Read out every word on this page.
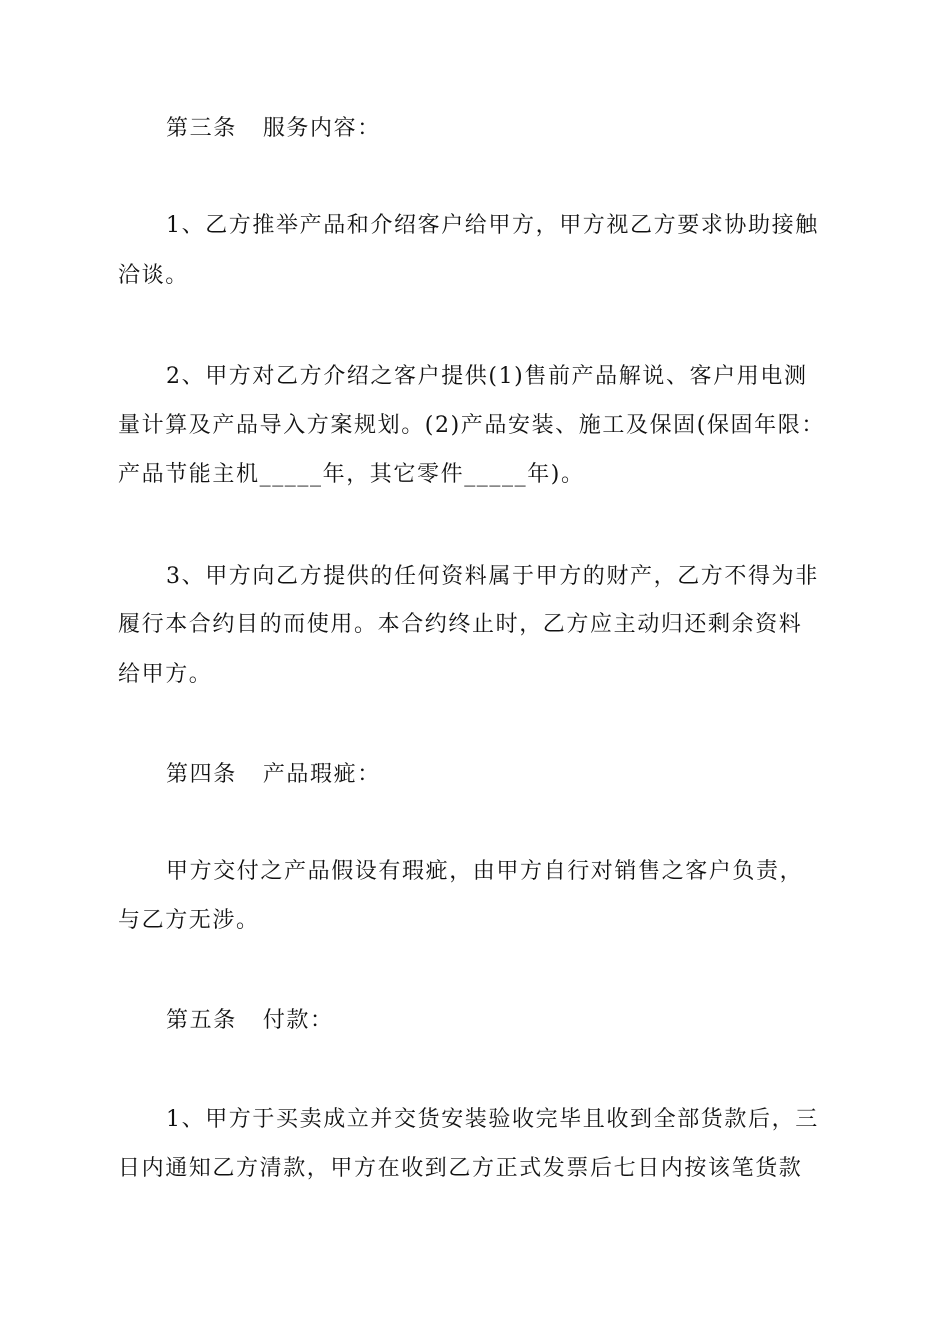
第三条 服务内容：
1、乙方推举产品和介绍客户给甲方，甲方视乙方要求协助接触
洽谈。
2、甲方对乙方介绍之客户提供(1)售前产品解说、客户用电测
量计算及产品导入方案规划。(2)产品安装、施工及保固(保固年限：
产品节能主机_____年，其它零件_____年)。
3、甲方向乙方提供的任何资料属于甲方的财产，乙方不得为非
履行本合约目的而使用。本合约终止时，乙方应主动归还剩余资料
给甲方。
第四条 产品瑕疵：
甲方交付之产品假设有瑕疵，由甲方自行对销售之客户负责，
与乙方无涉。
第五条 付款：
1、甲方于买卖成立并交货安装验收完毕且收到全部货款后，三
日内通知乙方清款，甲方在收到乙方正式发票后七日内按该笔货款
